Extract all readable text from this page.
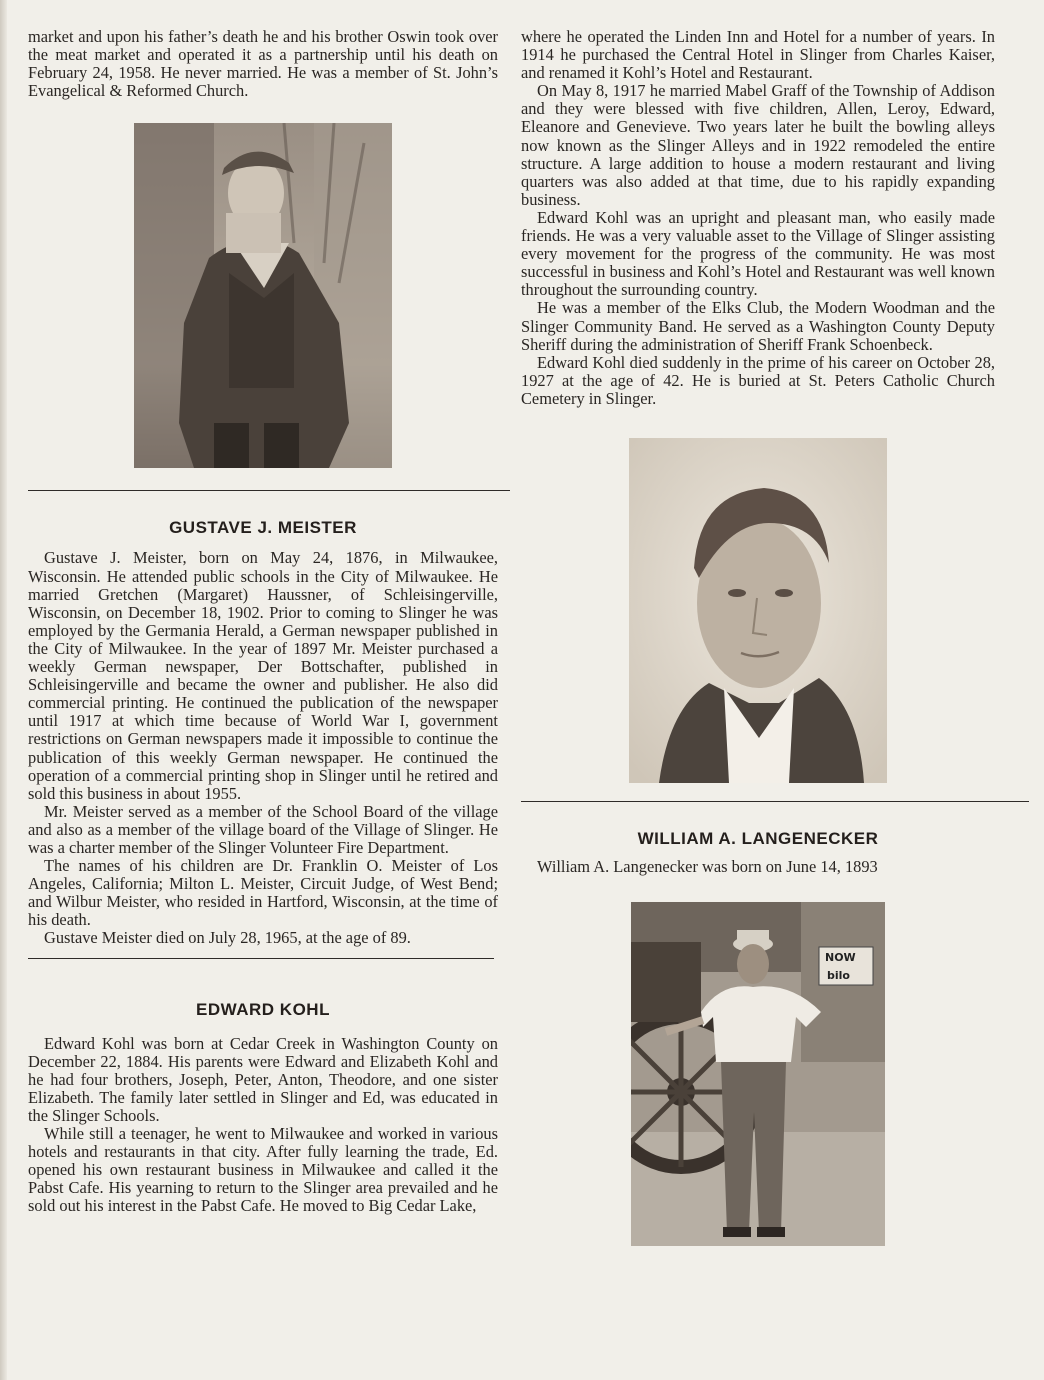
market and upon his father’s death he and his brother Oswin took over the meat market and operated it as a partnership until his death on February 24, 1958. He never married. He was a member of St. John’s Evangelical & Reformed Church.

GUSTAVE J. MEISTER

Gustave J. Meister, born on May 24, 1876, in Milwaukee, Wisconsin. He attended public schools in the City of Milwaukee. He married Gretchen (Margaret) Haussner, of Schleisingerville, Wisconsin, on December 18, 1902. Prior to coming to Slinger he was employed by the Germania Herald, a German newspaper published in the City of Milwaukee. In the year of 1897 Mr. Meister purchased a weekly German newspaper, Der Bottschafter, published in Schleisingerville and became the owner and publisher. He also did commercial printing. He continued the publication of the newspaper until 1917 at which time because of World War I, government restrictions on German newspapers made it impossible to continue the publication of this weekly German newspaper. He continued the operation of a commercial printing shop in Slinger until he retired and sold this business in about 1955.

Mr. Meister served as a member of the School Board of the village and also as a member of the village board of the Village of Slinger. He was a charter member of the Slinger Volunteer Fire Department.

The names of his children are Dr. Franklin O. Meister of Los Angeles, California; Milton L. Meister, Circuit Judge, of West Bend; and Wilbur Meister, who resided in Hartford, Wisconsin, at the time of his death.

Gustave Meister died on July 28, 1965, at the age of 89.

EDWARD KOHL

Edward Kohl was born at Cedar Creek in Washington County on December 22, 1884. His parents were Edward and Elizabeth Kohl and he had four brothers, Joseph, Peter, Anton, Theodore, and one sister Elizabeth. The family later settled in Slinger and Ed, was educated in the Slinger Schools.

While still a teenager, he went to Milwaukee and worked in various hotels and restaurants in that city. After fully learning the trade, Ed. opened his own restaurant business in Milwaukee and called it the Pabst Cafe. His yearning to return to the Slinger area prevailed and he sold out his interest in the Pabst Cafe. He moved to Big Cedar Lake,

where he operated the Linden Inn and Hotel for a number of years. In 1914 he purchased the Central Hotel in Slinger from Charles Kaiser, and renamed it Kohl’s Hotel and Restaurant.

On May 8, 1917 he married Mabel Graff of the Township of Addison and they were blessed with five children, Allen, Leroy, Edward, Eleanore and Genevieve. Two years later he built the bowling alleys now known as the Slinger Alleys and in 1922 remodeled the entire structure. A large addition to house a modern restaurant and living quarters was also added at that time, due to his rapidly expanding business.

Edward Kohl was an upright and pleasant man, who easily made friends. He was a very valuable asset to the Village of Slinger assisting every movement for the progress of the community. He was most successful in business and Kohl’s Hotel and Restaurant was well known throughout the surrounding country.

He was a member of the Elks Club, the Modern Woodman and the Slinger Community Band. He served as a Washington County Deputy Sheriff during the administration of Sheriff Frank Schoenbeck.

Edward Kohl died suddenly in the prime of his career on October 28, 1927 at the age of 42. He is buried at St. Peters Catholic Church Cemetery in Slinger.

WILLIAM A. LANGENECKER

William A. Langenecker was born on June 14, 1893

NOW
bilo
